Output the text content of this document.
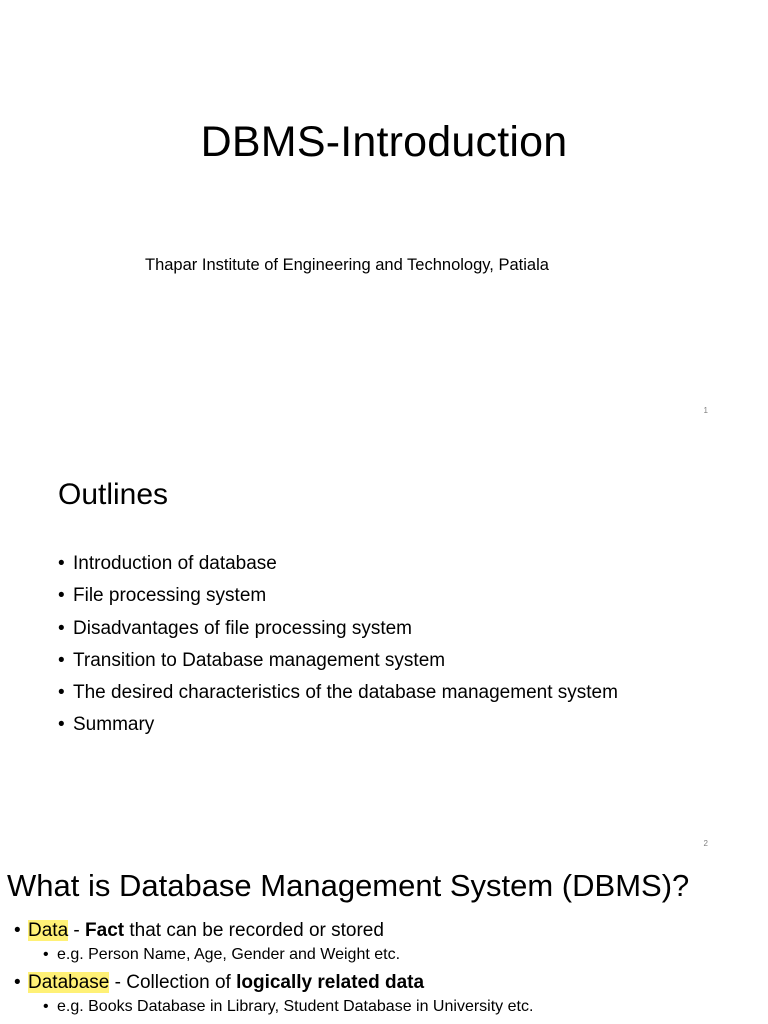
DBMS-Introduction
Thapar Institute of Engineering and Technology, Patiala
1
Outlines
• Introduction of database
• File processing system
• Disadvantages of file processing system
• Transition to Database management system
• The desired characteristics of the database management system
• Summary
2
What is Database Management System (DBMS)?
• Data - Fact that can be recorded or stored
• e.g. Person Name, Age, Gender and Weight etc.
• Database - Collection of logically related data
• e.g. Books Database in Library, Student Database in University etc.
